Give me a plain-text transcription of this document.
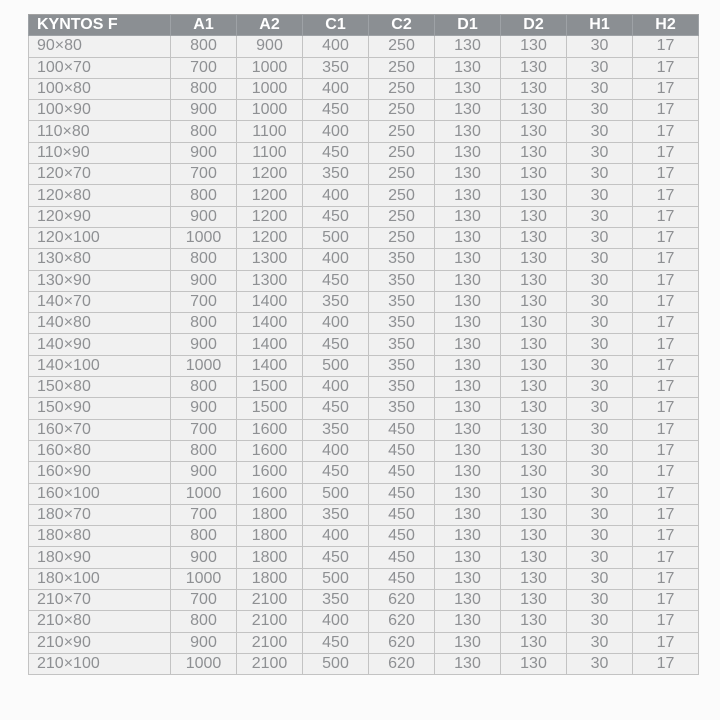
KYNTOS F	A1	A2	C1	C2	D1	D2	H1	H2
90×80	800	900	400	250	130	130	30	17
100×70	700	1000	350	250	130	130	30	17
100×80	800	1000	400	250	130	130	30	17
100×90	900	1000	450	250	130	130	30	17
110×80	800	1100	400	250	130	130	30	17
110×90	900	1100	450	250	130	130	30	17
120×70	700	1200	350	250	130	130	30	17
120×80	800	1200	400	250	130	130	30	17
120×90	900	1200	450	250	130	130	30	17
120×100	1000	1200	500	250	130	130	30	17
130×80	800	1300	400	350	130	130	30	17
130×90	900	1300	450	350	130	130	30	17
140×70	700	1400	350	350	130	130	30	17
140×80	800	1400	400	350	130	130	30	17
140×90	900	1400	450	350	130	130	30	17
140×100	1000	1400	500	350	130	130	30	17
150×80	800	1500	400	350	130	130	30	17
150×90	900	1500	450	350	130	130	30	17
160×70	700	1600	350	450	130	130	30	17
160×80	800	1600	400	450	130	130	30	17
160×90	900	1600	450	450	130	130	30	17
160×100	1000	1600	500	450	130	130	30	17
180×70	700	1800	350	450	130	130	30	17
180×80	800	1800	400	450	130	130	30	17
180×90	900	1800	450	450	130	130	30	17
180×100	1000	1800	500	450	130	130	30	17
210×70	700	2100	350	620	130	130	30	17
210×80	800	2100	400	620	130	130	30	17
210×90	900	2100	450	620	130	130	30	17
210×100	1000	2100	500	620	130	130	30	17
